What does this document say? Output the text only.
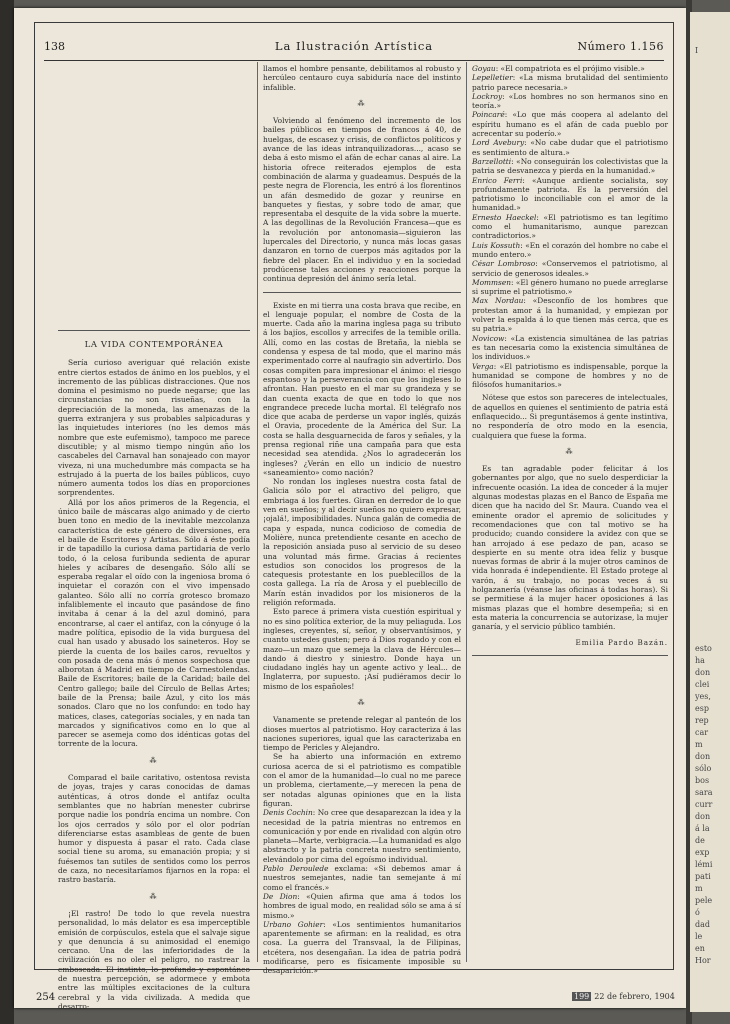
I
esto
ha
don
clei
yes,
esp
rep
car
m
don
sólo
bos
sara
curr
don
á la
de
exp
lémi
pati
m
pele
ó
dad
le
en
Hor
138	La Ilustración Artística	Número 1.156
LA VIDA CONTEMPORÁNEA

Sería curioso averiguar qué relación existe entre ciertos estados de ánimo en los pueblos, y el incremento de las públicas distracciones. Que nos domina el pesimismo no puede negarse; que las circunstancias no son risueñas, con la depreciación de la moneda, las amenazas de la guerra extranjera y sus probables salpicaduras y las inquietudes interiores (no les demos más nombre que este eufemismo), tampoco me parece discutible; y al mismo tiempo ningún año los cascabeles del Carnaval han sonajeado con mayor viveza, ni una muchedumbre más compacta se ha estrujado á la puerta de los bailes públicos, cuyo número aumenta todos los días en proporciones sorprendentes.

Allá por los años primeros de la Regencia, el único baile de máscaras algo animado y de cierto buen tono en medio de la inevitable mezcolanza característica de este género de diversiones, era el baile de Escritores y Artistas. Sólo á éste podía ir de tapadillo la curiosa dama partidaria de verlo todo, ó la celosa furibunda sedienta de apurar hieles y acíbares de desengaño. Sólo allí se esperaba regalar el oído con la ingeniosa broma ó inquietar el corazón con el vivo impensado galanteo. Sólo allí no corría grotesco bromazo infaliblemente el incauto que pasándose de fino invitaba á cenar á la del azul dominó, para encontrarse, al caer el antifaz, con la cónyuge ó la madre política, episodio de la vida burguesa del cual han usado y abusado los saineteros. Hoy se pierde la cuenta de los bailes caros, revueltos y con posada de cena más ó menos sospechosa que alborotan á Madrid en tiempo de Carnestolendas. Baile de Escritores; baile de la Caridad; baile del Centro gallego; baile del Círculo de Bellas Artes; baile de la Prensa; baile Azul, y cito los más sonados. Claro que no los confundo: en todo hay matices, clases, categorías sociales, y en nada tan marcados y significativos como en lo que al parecer se asemeja como dos idénticas gotas del torrente de la locura.

⁂

Comparad el baile caritativo, ostentosa revista de joyas, trajes y caras conocidas de damas auténticas, á otros donde el antifaz oculta semblantes que no habrían menester cubrirse porque nadie los pondría encima un nombre. Con los ojos cerrados y sólo por el olor podrían diferenciarse estas asambleas de gente de buen humor y dispuesta á pasar el rato. Cada clase social tiene su aroma, su emanación propia; y si fuésemos tan sutiles de sentidos como los perros de caza, no necesitaríamos fijarnos en la ropa: el rastro bastaría.

⁂

¡El rastro! De todo lo que revela nuestra personalidad, lo más delator es esa imperceptible emisión de corpúsculos, estela que el salvaje sigue y que denuncia á su animosidad el enemigo cercano. Una de las inferioridades de la civilización es no oler el peligro, no rastrear la emboscada. El instinto, lo profundo y espontáneo de nuestra percepción, se adormece y embota entre las múltiples excitaciones de la cultura cerebral y la vida civilizada. A medida que desarro-

llamos el hombre pensante, debilitamos al robusto y hercúleo centauro cuya sabiduría nace del instinto infalible.

⁂

Volviendo al fenómeno del incremento de los bailes públicos en tiempos de francos á 40, de huelgas, de escasez y crisis, de conflictos políticos y avance de las ideas intranquilizadoras..., acaso se deba á esto mismo el afán de echar canas al aire. La historia ofrece reiterados ejemplos de esta combinación de alarma y guadeamus. Después de la peste negra de Florencia, les entró á los florentinos un afán desmedido de gozar y reunirse en banquetes y fiestas, y sobre todo de amar, que representaba el desquite de la vida sobre la muerte. A las degollinas de la Revolución Francesa—que es la revolución por antonomasia—siguieron las lupercales del Directorio, y nunca más locas gasas danzaron en torno de cuerpos más agitados por la fiebre del placer. En el individuo y en la sociedad prodúcense tales acciones y reacciones porque la continua depresión del ánimo sería letal.

Existe en mi tierra una costa brava que recibe, en el lenguaje popular, el nombre de Costa de la muerte. Cada año la marina inglesa paga su tributo á los bajíos, escollos y arrecifes de la temible orilla. Allí, como en las costas de Bretaña, la niebla se condensa y espesa de tal modo, que el marino más experimentado corre al naufragio sin advertirlo. Dos cosas compiten para impresionar el ánimo: el riesgo espantoso y la perseverancia con que los ingleses lo afrontan. Han puesto en el mar su grandeza y se dan cuenta exacta de que en todo lo que nos engrandece precede lucha mortal. El telégrafo nos dice que acaba de perderse un vapor inglés, quizás el Oravia, procedente de la América del Sur. La costa se halla desguarnecida de faros y señales, y la prensa regional riñe una campaña para que esta necesidad sea atendida. ¿Nos lo agradecerán los ingleses? ¿Verán en ello un indicio de nuestro «saneamiento» como nación?

No rondan los ingleses nuestra costa fatal de Galicia sólo por el atractivo del peligro, que embriaga á los fuertes. Giran en derredor de lo que ven en sueños; y al decir sueños no quiero expresar, ¡ojalá!, imposibilidades. Nunca galán de comedia de capa y espada, nunca codicioso de comedia de Molière, nunca pretendiente cesante en acecho de la reposición ansiada puso al servicio de su deseo una voluntad más firme. Gracias á recientes estudios son conocidos los progresos de la catequesis protestante en los pueblecillos de la costa gallega. La ría de Arosa y el pueblecillo de Marín están invadidos por los misioneros de la religión reformada.

Esto parece á primera vista cuestión espiritual y no es sino política exterior, de la muy peliaguda. Los ingleses, creyentes, sí, señor, y observantísimos, y cuanto ustedes gusten; pero á Dios rogando y con el mazo—un mazo que semeja la clava de Hércules—dando á diestro y siniestro. Donde haya un ciudadano inglés hay un agente activo y leal... de Inglaterra, por supuesto. ¡Así pudiéramos decir lo mismo de los españoles!

⁂

Vanamente se pretende relegar al panteón de los dioses muertos al patriotismo. Hoy caracteriza á las naciones superiores, igual que las caracterizaba en tiempo de Pericles y Alejandro.

Se ha abierto una información en extremo curiosa acerca de si el patriotismo es compatible con el amor de la humanidad—lo cual no me parece un problema, ciertamente,—y merecen la pena de ser notadas algunas opiniones que en la lista figuran.

Denis Cochin: No cree que desaparezcan la idea y la necesidad de la patria mientras no entremos en comunicación y por ende en rivalidad con algún otro planeta—Marte, verbigracia.—La humanidad es algo abstracto y la patria concreta nuestro sentimiento, elevándolo por cima del egoísmo individual.

Pablo Deroulede exclama: «Si debemos amar á nuestros semejantes, nadie tan semejante á mí como el francés.»

De Dion: «Quien afirma que ama á todos los hombres de igual modo, en realidad sólo se ama á sí mismo.»

Urbano Gohier: «Los sentimientos humanitarios aparentemente se afirman: en la realidad, es otra cosa. La guerra del Transvaal, la de Filipinas, etcétera, nos desengañan. La idea de patria podrá modificarse, pero es físicamente imposible su desaparición.»

Goyau: «El compatriota es el prójimo visible.»

Lepelletier: «La misma brutalidad del sentimiento patrio parece necesaria.»

Lockroy: «Los hombres no son hermanos sino en teoría.»

Poincaré: «Lo que más coopera al adelanto del espíritu humano es el afán de cada pueblo por acrecentar su poderío.»

Lord Avebury: «No cabe dudar que el patriotismo es sentimiento de altura.»

Barzellotti: «No conseguirán los colectivistas que la patria se desvanezca y pierda en la humanidad.»

Enrico Ferri: «Aunque ardiente socialista, soy profundamente patriota. Es la perversión del patriotismo lo inconciliable con el amor de la humanidad.»

Ernesto Haeckel: «El patriotismo es tan legítimo como el humanitarismo, aunque parezcan contradictorios.»

Luis Kossuth: «En el corazón del hombre no cabe el mundo entero.»

César Lombroso: «Conservemos el patriotismo, al servicio de generosos ideales.»

Mommsen: «El género humano no puede arreglarse si suprime el patriotismo.»

Max Nordau: «Desconfío de los hombres que protestan amor á la humanidad, y empiezan por volver la espalda á lo que tienen más cerca, que es su patria.»

Novicow: «La existencia simultánea de las patrias es tan necesaria como la existencia simultánea de los individuos.»

Verga: «El patriotismo es indispensable, porque la humanidad se compone de hombres y no de filósofos humanitarios.»

Nótese que estos son pareceres de intelectuales, de aquellos en quienes el sentimiento de patria está enflaquecido... Si preguntásemos á gente instintiva, no respondería de otro modo en la esencia, cualquiera que fuese la forma.

⁂

Es tan agradable poder felicitar á los gobernantes por algo, que no suelo desperdiciar la infrecuente ocasión. La idea de conceder á la mujer algunas modestas plazas en el Banco de España me dicen que ha nacido del Sr. Maura. Cuando vea el eminente orador el apremio de solicitudes y recomendaciones que con tal motivo se ha producido; cuando considere la avidez con que se han arrojado á ese pedazo de pan, acaso se despierte en su mente otra idea feliz y busque nuevas formas de abrir á la mujer otros caminos de vida honrada é independiente. El Estado protege al varón, á su trabajo, no pocas veces á su holgazanería (véanse las oficinas á todas horas). Si se permitiese á la mujer hacer oposiciones á las mismas plazas que el hombre desempeña; si en esta materia la concurrencia se autorizase, la mujer ganaría, y el servicio público también.

Emilia Pardo Bazán.
254	199 22 de febrero, 1904
